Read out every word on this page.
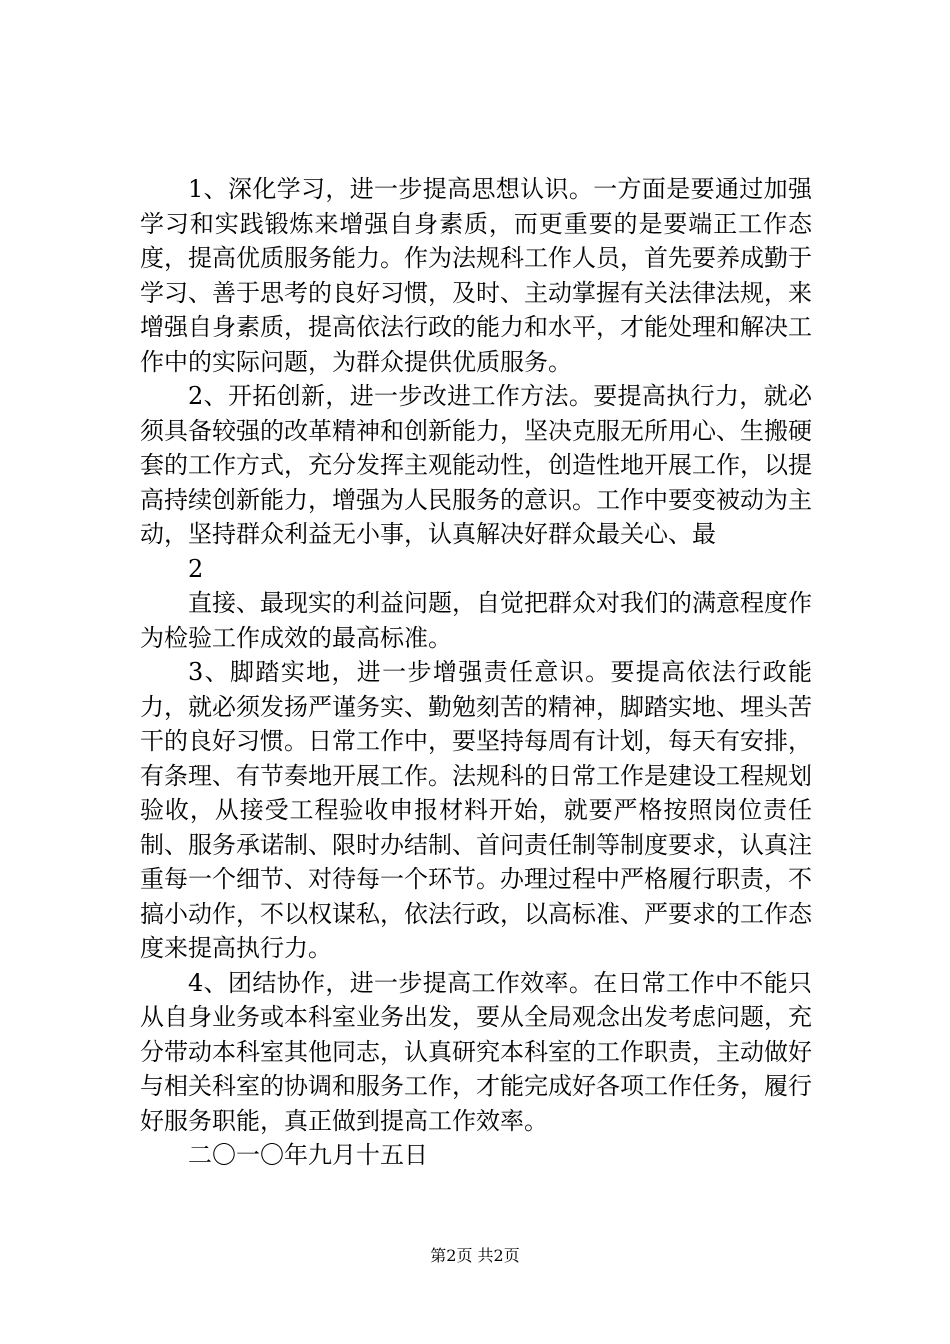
1、深化学习，进一步提高思想认识。一方面是要通过加强学习和实践锻炼来增强自身素质，而更重要的是要端正工作态度，提高优质服务能力。作为法规科工作人员，首先要养成勤于学习、善于思考的良好习惯，及时、主动掌握有关法律法规，来增强自身素质，提高依法行政的能力和水平，才能处理和解决工作中的实际问题，为群众提供优质服务。

2、开拓创新，进一步改进工作方法。要提高执行力，就必须具备较强的改革精神和创新能力，坚决克服无所用心、生搬硬套的工作方式，充分发挥主观能动性，创造性地开展工作，以提高持续创新能力，增强为人民服务的意识。工作中要变被动为主动，坚持群众利益无小事，认真解决好群众最关心、最

2

直接、最现实的利益问题，自觉把群众对我们的满意程度作为检验工作成效的最高标准。

3、脚踏实地，进一步增强责任意识。要提高依法行政能力，就必须发扬严谨务实、勤勉刻苦的精神，脚踏实地、埋头苦干的良好习惯。日常工作中，要坚持每周有计划，每天有安排，有条理、有节奏地开展工作。法规科的日常工作是建设工程规划验收，从接受工程验收申报材料开始，就要严格按照岗位责任制、服务承诺制、限时办结制、首问责任制等制度要求，认真注重每一个细节、对待每一个环节。办理过程中严格履行职责，不搞小动作，不以权谋私，依法行政，以高标准、严要求的工作态度来提高执行力。

4、团结协作，进一步提高工作效率。在日常工作中不能只从自身业务或本科室业务出发，要从全局观念出发考虑问题，充分带动本科室其他同志，认真研究本科室的工作职责，主动做好与相关科室的协调和服务工作，才能完成好各项工作任务，履行好服务职能，真正做到提高工作效率。

二〇一〇年九月十五日

第2页 共2页
